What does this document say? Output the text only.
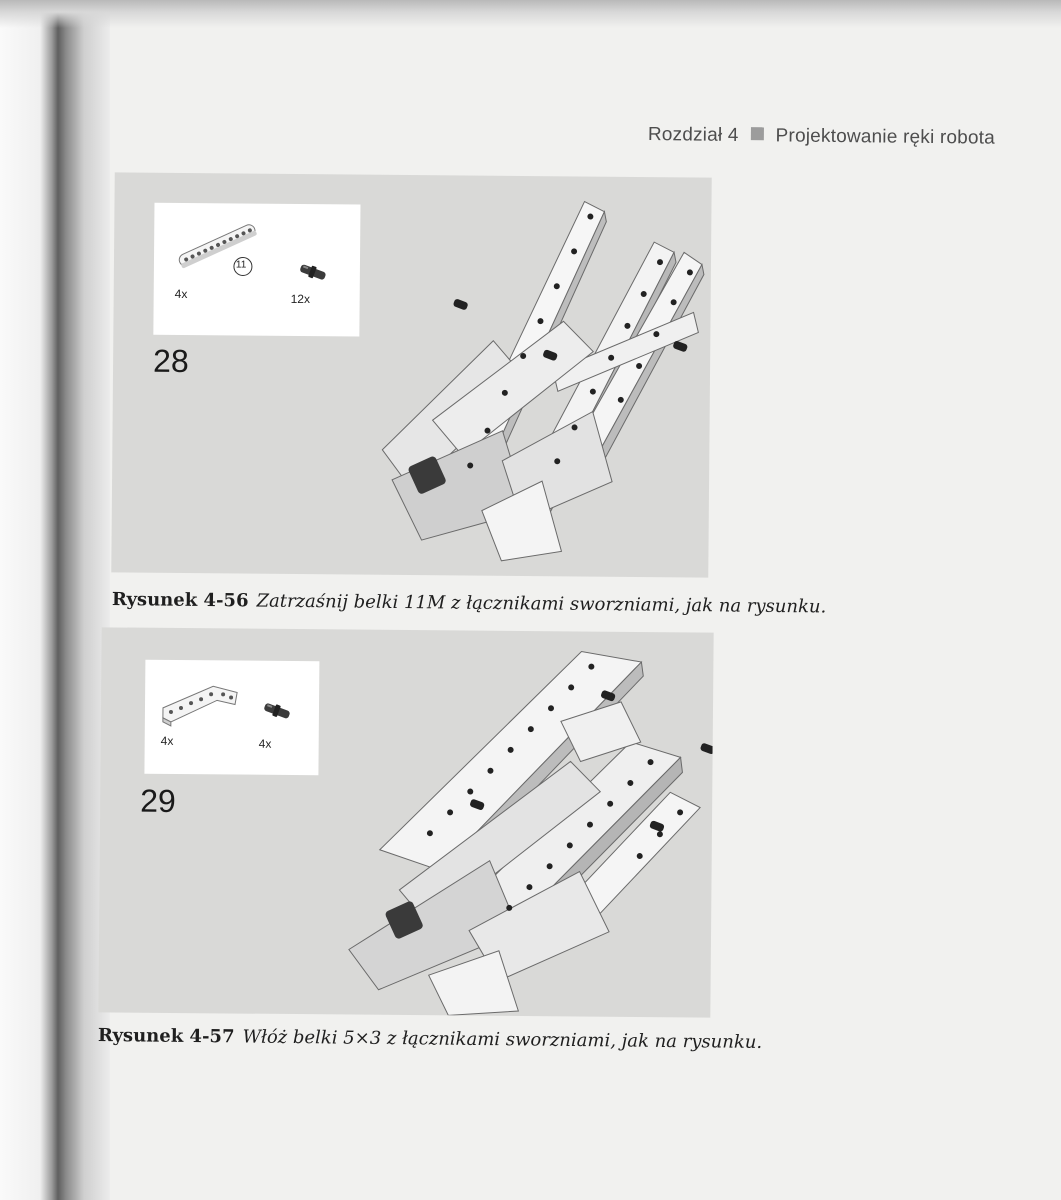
Rozdział 4 Projektowanie ręki robota
11
4x	12x
28
Rysunek 4-56 Zatrzaśnij belki 11M z łącznikami sworzniami, jak na rysunku.
4x	4x
29
Rysunek 4-57 Włóż belki 5×3 z łącznikami sworzniami, jak na rysunku.
